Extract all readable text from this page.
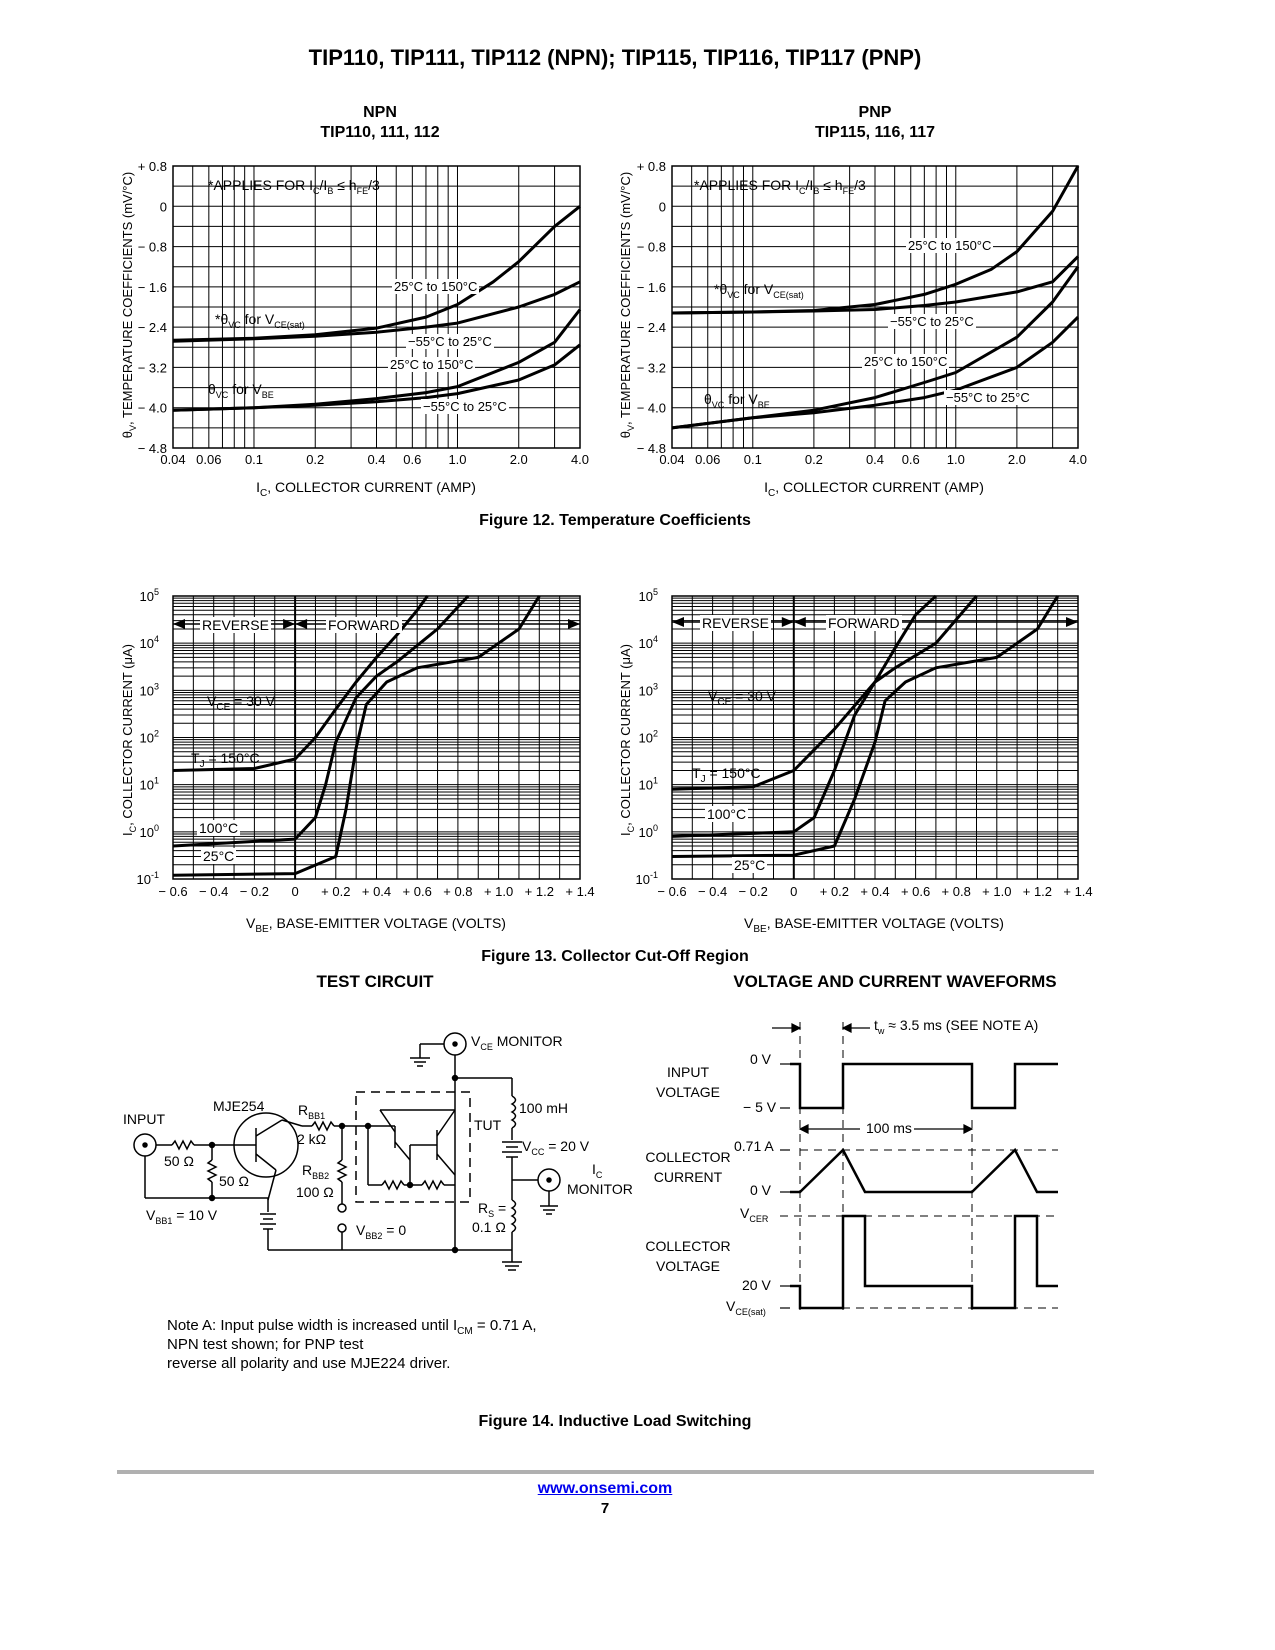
TIP110, TIP111, TIP112 (NPN); TIP115, TIP116, TIP117 (PNP)
NPN
TIP110, 111, 112
PNP
TIP115, 116, 117
0.04 0.06 0.1	0.2	0.4 0.6 1.0	2.0	4.0
+ 0.8
0
− 0.8
− 1.6
− 2.4
− 3.2
− 4.0
− 4.8
$I_C$, COLLECTOR CURRENT (AMP)
$\theta_V$, TEMPERATURE COEFFICIENTS (mV/°C)	*APPLIES FOR $I_C/I_B \le h_{FE}/3$
$*\theta_{VC}$ for $V_{CE(sat)}$
$\theta_{VC}$ for $V_{BE}$
25°C to 150°C
−55°C to 25°C
25°C to 150°C
−55°C to 25°C
0.04 0.06 0.1	0.2	0.4 0.6 1.0	2.0	4.0
+ 0.8
0
− 0.8
− 1.6
− 2.4
− 3.2
− 4.0
− 4.8
$I_C$, COLLECTOR CURRENT (AMP)
$\theta_V$, TEMPERATURE COEFFICIENTS (mV/°C)	*APPLIES FOR $I_C/I_B \le h_{FE}/3$
$*\theta_{VC}$ for $V_{CE(sat)}$
$\theta_{VC}$ for $V_{BE}$
25°C to 150°C
−55°C to 25°C
25°C to 150°C
−55°C to 25°C
Figure 12. Temperature Coefficients
− 0.6 − 0.4 − 0.2 0 + 0.2 + 0.4 + 0.6 + 0.8 + 1.0 + 1.2 + 1.4
$10^{-1}$
$10^0$
$10^1$
$10^2$
$10^3$
$10^4$
$10^5$
$V_{BE}$, BASE-EMITTER VOLTAGE (VOLTS)
$I_C$, COLLECTOR CURRENT (μA)	$V_{CE} = 30$ V
$T_J = 150^\circ C$
REVERSE	FORWARD
100°C
25°C
− 0.6 − 0.4 − 0.2 0 + 0.2 + 0.4 + 0.6 + 0.8 + 1.0 + 1.2 + 1.4
$10^{-1}$
$10^0$
$10^1$
$10^2$
$10^3$
$10^4$
$10^5$
$V_{BE}$, BASE-EMITTER VOLTAGE (VOLTS)
$I_C$, COLLECTOR CURRENT (μA)	$V_{CE} = 30$ V
$T_J = 150^\circ C$
REVERSE	FORWARD
100°C
25°C
Figure 13. Collector Cut-Off Region
TEST CIRCUIT	VOLTAGE AND CURRENT WAVEFORMS
$V_{CE}$ MONITOR
INPUT
MJE254 $R_{BB1}$
2 kΩ
$R_{BB2}$
100 Ω
50 Ω
50 Ω
$V_{BB1} = 10$ V
$V_{BB2} = 0$
100 mH
TUT
$V_{CC} = 20$ V
$I_C$
MONITOR
$R_S$ =
0.1 Ω
$t_w \approx 3.5$ ms (SEE NOTE A)
INPUT
VOLTAGE
0 V
− 5 V
100 ms
COLLECTOR
CURRENT
0.71 A
0 V
$V_{CER}$
COLLECTOR
VOLTAGE
20 V
$V_{CE(sat)}$
Note A: Input pulse width is increased until $I_{CM} = 0.71$ A,
NPN test shown; for PNP test
reverse all polarity and use MJE224 driver.
Figure 14. Inductive Load Switching
www.onsemi.com
7
